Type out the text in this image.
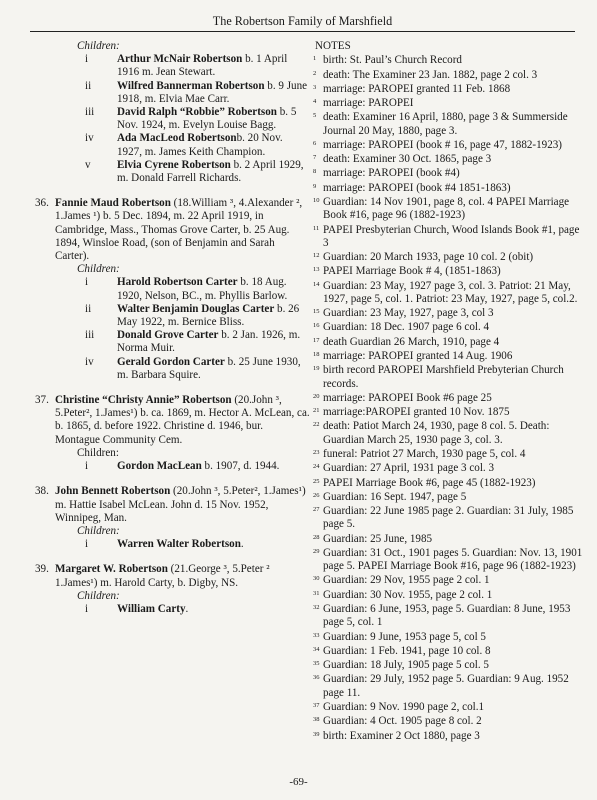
The Robertson Family of Marshfield
Children:
i	Arthur McNair Robertson b. 1 April 1916 m. Jean Stewart.
ii Wilfred Bannerman Robertson b. 9 June 1918, m. Elvia Mae Carr.
iii David Ralph “Robbie” Robertson b. 5 Nov. 1924, m. Evelyn Louise Bagg.
iv Ada MacLeod Robertsonb. 20 Nov. 1927, m. James Keith Champion.
v Elvia Cyrene Robertson b. 2 April 1929, m. Donald Farrell Richards.
36. Fannie Maud Robertson (18.William ³, 4.Alexander ², 1.James ¹) b. 5 Dec. 1894, m. 22 April 1919, in Cambridge, Mass., Thomas Grove Carter, b. 25 Aug. 1894, Winsloe Road, (son of Benjamin and Sarah Carter).
Children:
i	Harold Robertson Carter b. 18 Aug. 1920, Nelson, BC., m. Phyllis Barlow.
ii Walter Benjamin Douglas Carter b. 26 May 1922, m. Bernice Bliss.
iii Donald Grove Carter b. 2 Jan. 1926, m. Norma Muir.
iv Gerald Gordon Carter b. 25 June 1930, m. Barbara Squire.
37. Christine “Christy Annie” Robertson (20.John ³, 5.Peter², 1.James¹) b. ca. 1869, m. Hector A. McLean, ca. b. 1865, d. before 1922. Christine d. 1946, bur. Montague Community Cem.
Children:
i	Gordon MacLean b. 1907, d. 1944.
38. John Bennett Robertson (20.John ³, 5.Peter², 1.James¹) m. Hattie Isabel McLean. John d. 15 Nov. 1952, Winnipeg, Man.
Children:
i	Warren Walter Robertson.
39. Margaret W. Robertson (21.George ³, 5.Peter ² 1.James¹) m. Harold Carty, b. Digby, NS.
Children:
i	William Carty.
NOTES
1 birth: St. Paul’s Church Record
2 death: The Examiner 23 Jan. 1882, page 2 col. 3
3 marriage: PAROPEI granted 11 Feb. 1868
4 marriage: PAROPEI
5 death: Examiner 16 April, 1880, page 3 & Summerside Journal 20 May, 1880, page 3.
6 marriage: PAROPEI (book # 16, page 47, 1882-1923)
7 death: Examiner 30 Oct. 1865, page 3
8 marriage: PAROPEI (book #4)
9 marriage: PAROPEI (book #4 1851-1863)
10 Guardian: 14 Nov 1901, page 8, col. 4 PAPEI Marriage Book #16, page 96 (1882-1923)
11 PAPEI Presbyterian Church, Wood Islands Book #1, page 3
12 Guardian: 20 March 1933, page 10 col. 2 (obit)
13 PAPEI Marriage Book # 4, (1851-1863)
14 Guardian: 23 May, 1927 page 3, col. 3. Patriot: 21 May, 1927, page 5, col. 1. Patriot: 23 May, 1927, page 5, col.2.
15 Guardian: 23 May, 1927, page 3, col 3
16 Guardian: 18 Dec. 1907 page 6 col. 4
17 death Guardian 26 March, 1910, page 4
18 marriage: PAROPEI granted 14 Aug. 1906
19 birth record PAROPEI Marshfield Prebyterian Church records.
20 marriage: PAROPEI Book #6 page 25
21 marriage:PAROPEI granted 10 Nov. 1875
22 death: Patiot March 24, 1930, page 8 col. 5. Death: Guardian March 25, 1930 page 3, col. 3.
23 funeral: Patriot 27 March, 1930 page 5, col. 4
24 Guardian: 27 April, 1931 page 3 col. 3
25 PAPEI Marriage Book #6, page 45 (1882-1923)
26 Guardian: 16 Sept. 1947, page 5
27 Guardian: 22 June 1985 page 2. Guardian: 31 July, 1985 page 5.
28 Guardian: 25 June, 1985
29 Guardian: 31 Oct., 1901 pages 5. Guardian: Nov. 13, 1901 page 5. PAPEI Marriage Book #16, page 96 (1882-1923)
30 Guardian: 29 Nov, 1955 page 2 col. 1
31 Guardian: 30 Nov. 1955, page 2 col. 1
32 Guardian: 6 June, 1953, page 5. Guardian: 8 June, 1953 page 5, col. 1
33 Guardian: 9 June, 1953 page 5, col 5
34 Guardian: 1 Feb. 1941, page 10 col. 8
35 Guardian: 18 July, 1905 page 5 col. 5
36 Guardian: 29 July, 1952 page 5. Guardian: 9 Aug. 1952 page 11.
37 Guardian: 9 Nov. 1990 page 2, col.1
38 Guardian: 4 Oct. 1905 page 8 col. 2
39 birth: Examiner 2 Oct 1880, page 3
-69-
